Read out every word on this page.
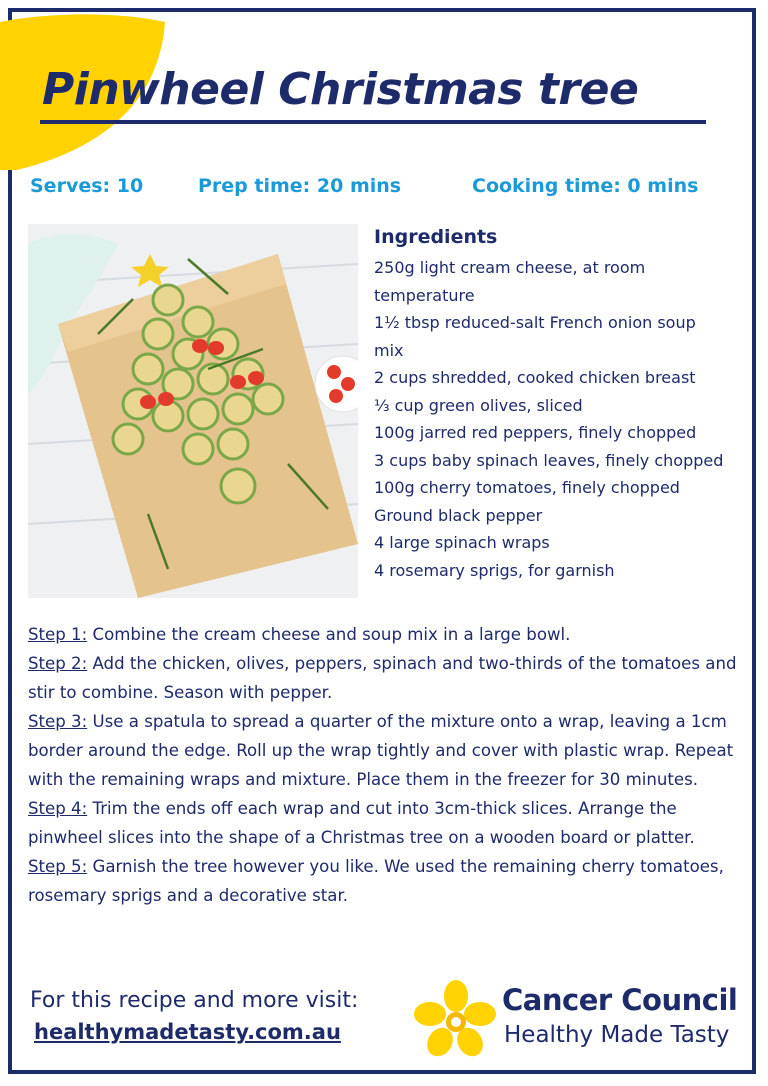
Pinwheel Christmas tree
Serves: 10	Prep time: 20 mins	Cooking time: 0 mins
Ingredients
250g light cream cheese, at room
temperature
1½ tbsp reduced-salt French onion soup
mix
2 cups shredded, cooked chicken breast
⅓ cup green olives, sliced
100g jarred red peppers, finely chopped
3 cups baby spinach leaves, finely chopped
100g cherry tomatoes, finely chopped
Ground black pepper
4 large spinach wraps
4 rosemary sprigs, for garnish

Step 1: Combine the cream cheese and soup mix in a large bowl.

Step 2: Add the chicken, olives, peppers, spinach and two-thirds of the tomatoes and stir to combine. Season with pepper.

Step 3: Use a spatula to spread a quarter of the mixture onto a wrap, leaving a 1cm border around the edge. Roll up the wrap tightly and cover with plastic wrap. Repeat with the remaining wraps and mixture. Place them in the freezer for 30 minutes.

Step 4: Trim the ends off each wrap and cut into 3cm-thick slices. Arrange the pinwheel slices into the shape of a Christmas tree on a wooden board or platter.

Step 5: Garnish the tree however you like. We used the remaining cherry tomatoes, rosemary sprigs and a decorative star.

For this recipe and more visit:
healthymadetasty.com.au
Cancer Council
Healthy Made Tasty
